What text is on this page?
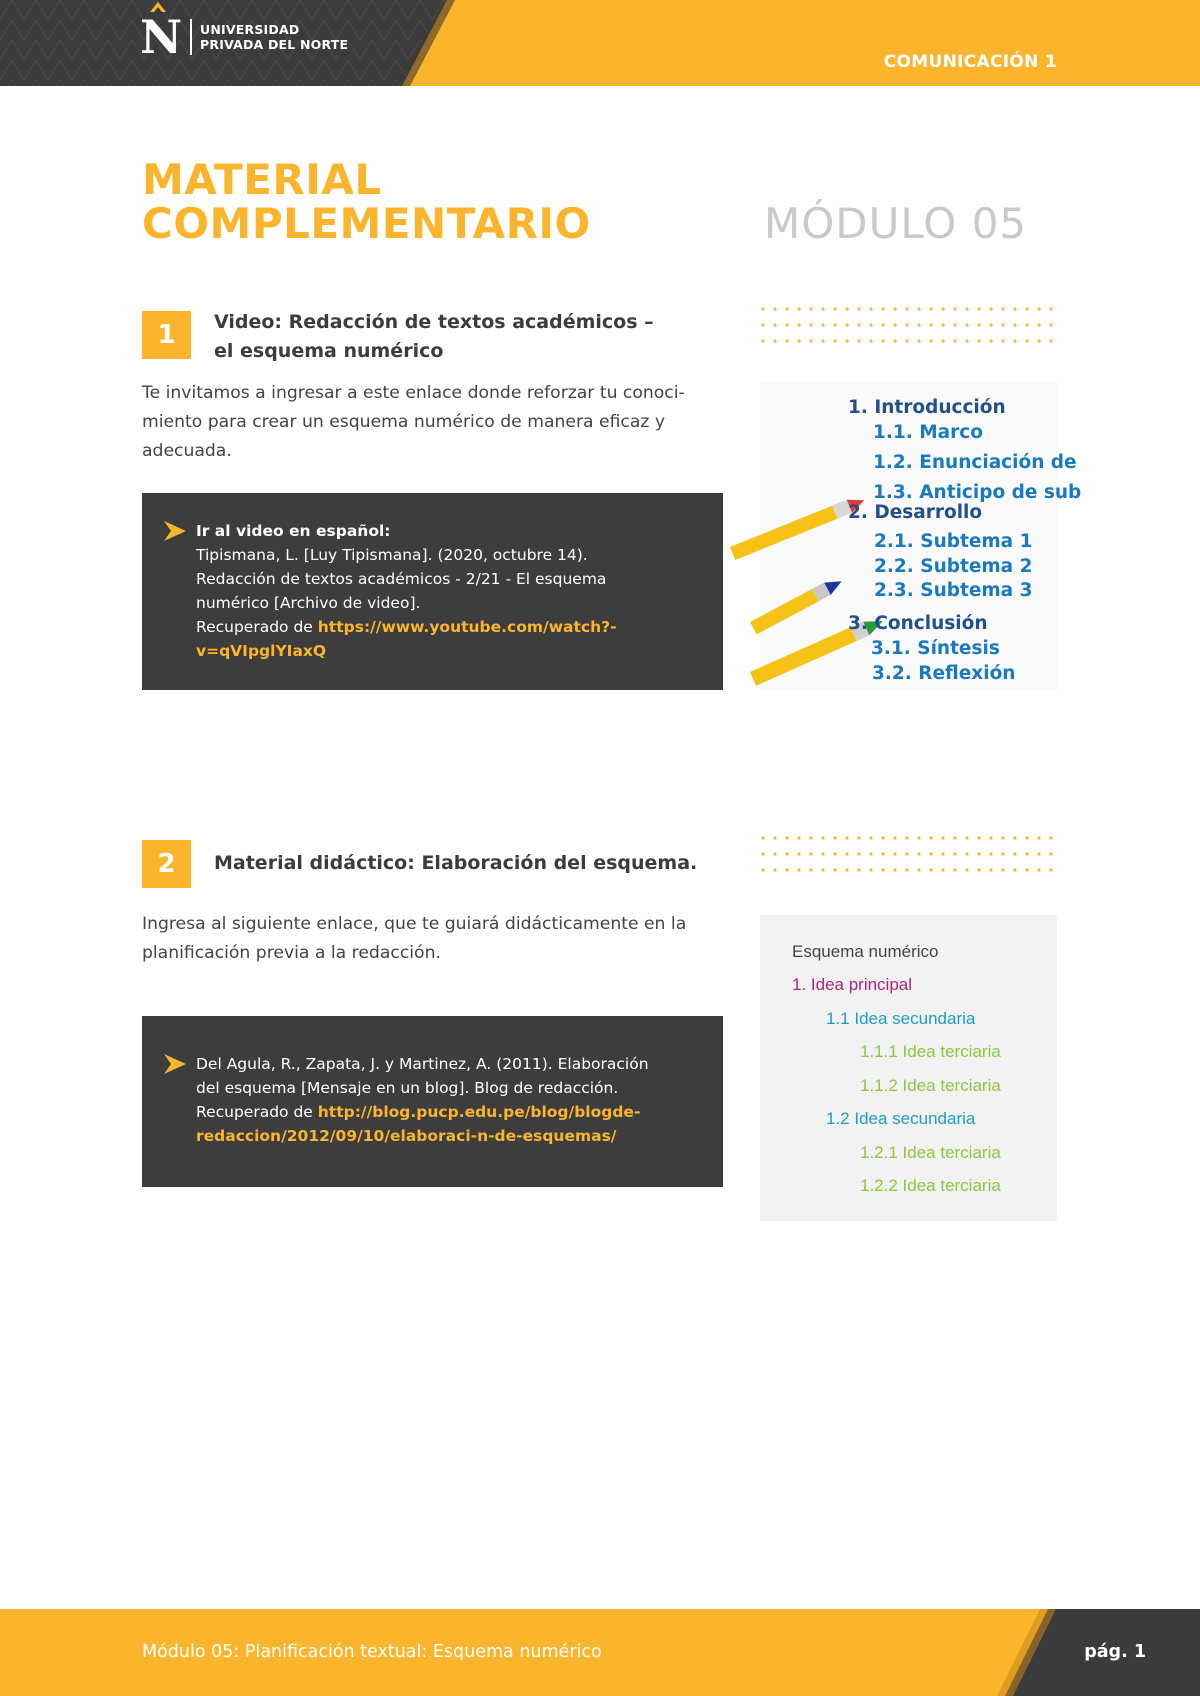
N UNIVERSIDAD
PRIVADA DEL NORTE
COMUNICACIÓN 1
MATERIAL
COMPLEMENTARIO	MÓDULO 05
1	Video: Redacción de textos académicos –
el esquema numérico
Te invitamos a ingresar a este enlace donde reforzar tu conoci-
miento para crear un esquema numérico de manera eficaz y
adecuada.
Ir al video en español:
Tipismana, L. [Luy Tipismana]. (2020, octubre 14).
Redacción de textos académicos - 2/21 - El esquema
numérico [Archivo de video].
Recuperado de https://www.youtube.com/watch?-
v=qVIpglYIaxQ
1. Introducción
1.1. Marco
1.2. Enunciación de
1.3. Anticipo de sub
2. Desarrollo
2.1. Subtema 1
2.2. Subtema 2
2.3. Subtema 3
3. Conclusión
3.1. Síntesis
3.2. Reflexión
2	Material didáctico: Elaboración del esquema.
Ingresa al siguiente enlace, que te guiará didácticamente en la
planificación previa a la redacción.
Del Agula, R., Zapata, J. y Martinez, A. (2011). Elaboración
del esquema [Mensaje en un blog]. Blog de redacción.
Recuperado de http://blog.pucp.edu.pe/blog/blogde-
redaccion/2012/09/10/elaboraci-n-de-esquemas/
Esquema numérico
1. Idea principal
1.1 Idea secundaria
1.1.1 Idea terciaria
1.1.2 Idea terciaria
1.2 Idea secundaria
1.2.1 Idea terciaria
1.2.2 Idea terciaria
Módulo 05: Planificación textual: Esquema numérico	pág. 1
